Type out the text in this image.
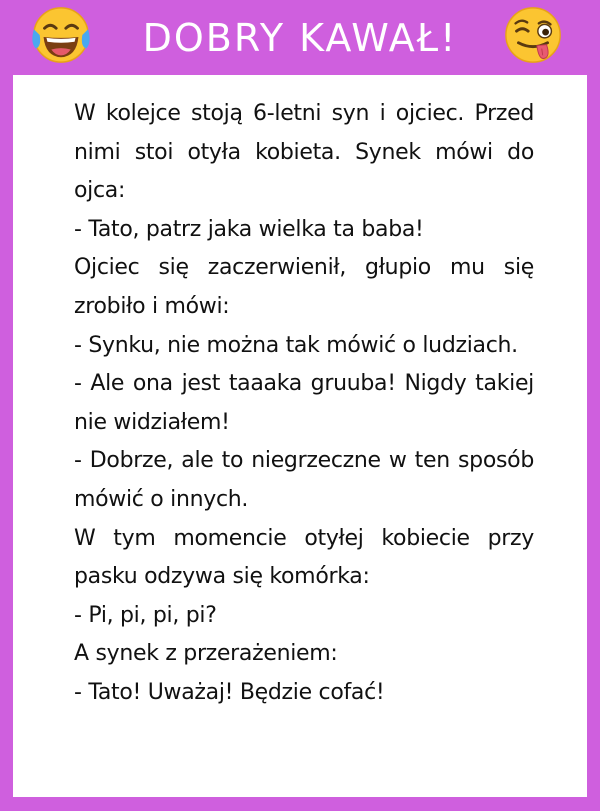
DOBRY KAWAŁ!

W kolejce stoją 6-letni syn i ojciec. Przed nimi stoi otyła kobieta. Synek mówi do ojca:
- Tato, patrz jaka wielka ta baba!
Ojciec się zaczerwienił, głupio mu się zrobiło i mówi:
- Synku, nie można tak mówić o ludziach.
- Ale ona jest taaaka gruuba! Nigdy takiej nie widziałem!
- Dobrze, ale to niegrzeczne w ten sposób mówić o innych.
W tym momencie otyłej kobiecie przy pasku odzywa się komórka:
- Pi, pi, pi, pi?
A synek z przerażeniem:
- Tato! Uważaj! Będzie cofać!
